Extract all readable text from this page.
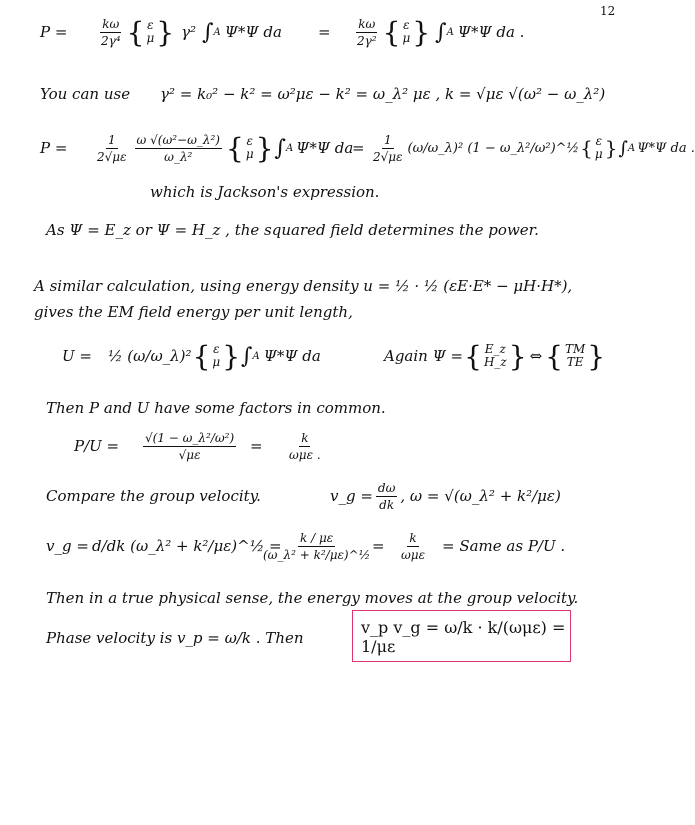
12
P =	$\frac{k\omega}{\text{2γ⁴}}$ { ε
μ } γ² ∫ A Ψ*Ψ da = $\frac{k\omega}{\text{2γ²}}$ { ε
μ } ∫ A Ψ*Ψ da .
You can use γ² = k₀² − k² = ω²με − k² = ω_λ² με , k = √με √(ω² − ω_λ²)
$P = \frac{1}{2√\mu\varepsilon} \frac{\text{ω √(ω²−ω\_λ²)}}{\text{ω\_λ²}}$ { ε
μ } ∫ A Ψ*Ψ da
= $\frac{1}{2√\mu\varepsilon}$ (ω/ω_λ)² (1 − ω_λ²/ω²)^½ { ε
μ } ∫ A Ψ*Ψ da .
which is Jackson's expression.
As Ψ = E_z or Ψ = H_z , the squared field determines the power.
A similar calculation, using energy density u = ½ · ½ (εE·E* − μH·H*),
gives the EM field energy per unit length,
U = ½ (ω/ω_λ)² { ε
μ } ∫ A Ψ*Ψ da	Again Ψ = { E_z
H_z } ⇔ { TM
TE }
Then P and U have some factors in common.
$P/U = \frac{\text{√(1 − ω\_λ²/ω²)}}{√\mu\varepsilon} = \frac{k}{\text{ωμε .}}$
Compare the group velocity.	v_g = $\frac{d\omega}{dk}$ , ω = √(ω_λ² + k²/με)
v_g = d/dk (ω_λ² + k²/με)^½ =
$\frac{k / \mu\varepsilon}{\text{(ω\_λ² + k²/με)\textasciicircum{}½}} = \frac{k}{\text{ωμε}}$ = Same as P/U .
Then in a true physical sense, the energy moves at the group velocity.
Phase velocity is v_p = ω/k . Then
v_p v_g = ω/k · k/(ωμε) = 1/με
